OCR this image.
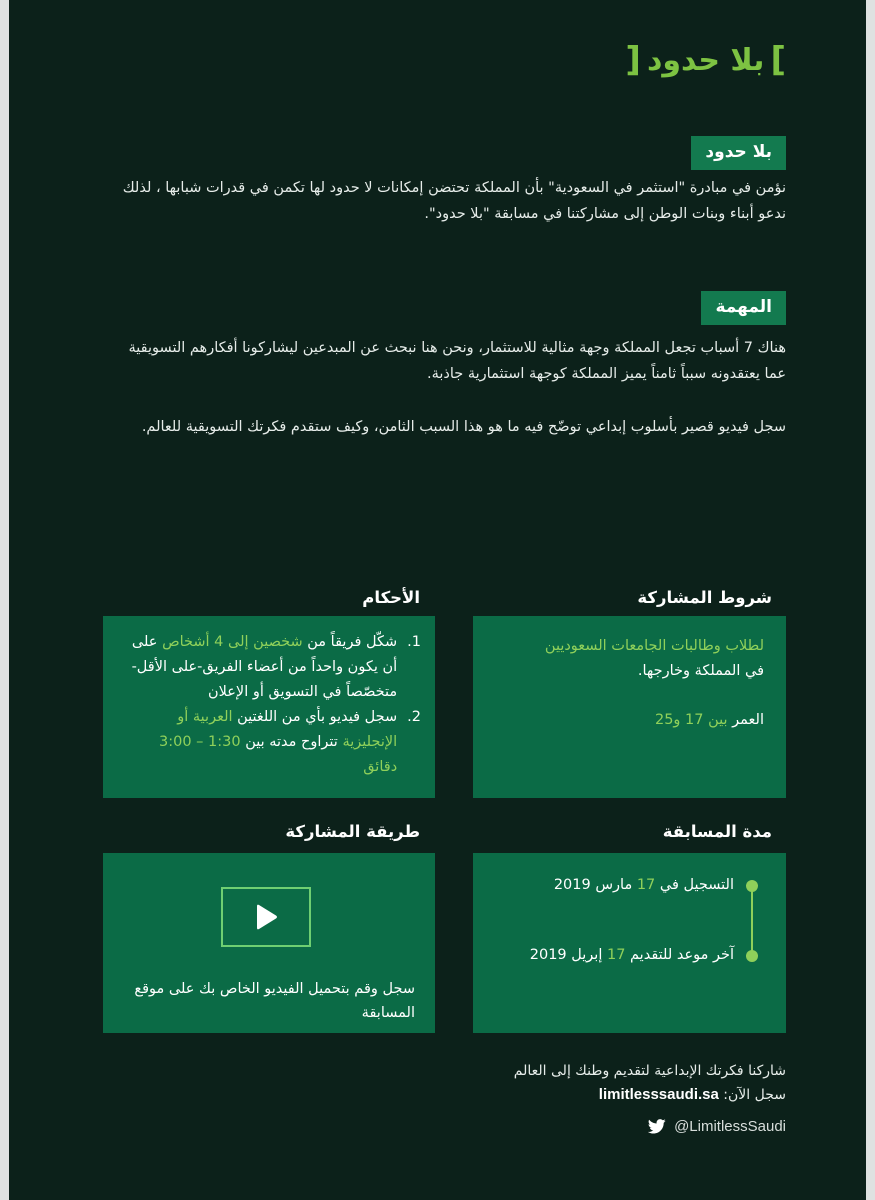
]
بلا حدود
[
بلا حدود
نؤمن في مبادرة "استثمر في السعودية" بأن المملكة تحتضن إمكانات لا حدود لها تكمن في قدرات شبابها ، لذلك ندعو أبناء وبنات الوطن إلى مشاركتنا في مسابقة "بلا حدود".
المهمة
هناك 7 أسباب تجعل المملكة وجهة مثالية للاستثمار، ونحن هنا نبحث عن المبدعين ليشاركونا أفكارهم التسويقية عما يعتقدونه سبباً ثامناً يميز المملكة كوجهة استثمارية جاذبة.
سجل فيديو قصير بأسلوب إبداعي توضّح فيه ما هو هذا السبب الثامن، وكيف ستقدم فكرتك التسويقية للعالم.
شروط المشاركة
لطلاب وطالبات الجامعات السعوديين
في المملكة وخارجها.
العمر بين 17 و25
الأحكام
1.
شكّل فريقاً من شخصين إلى 4 أشخاص على أن يكون واحداً من أعضاء الفريق-على الأقل- متخصّصاً في التسويق أو الإعلان
2.
سجل فيديو بأي من اللغتين العربية أو الإنجليزية تتراوح مدته بين 1:30 – 3:00 دقائق
مدة المسابقة
التسجيل في 17 مارس 2019
آخر موعد للتقديم 17 إبريل 2019
طريقة المشاركة
سجل وقم بتحميل الفيديو الخاص بك على موقع المسابقة
شاركنا فكرتك الإبداعية لتقديم وطنك إلى العالم
سجل الآن: limitlesssaudi.sa
@LimitlessSaudi
